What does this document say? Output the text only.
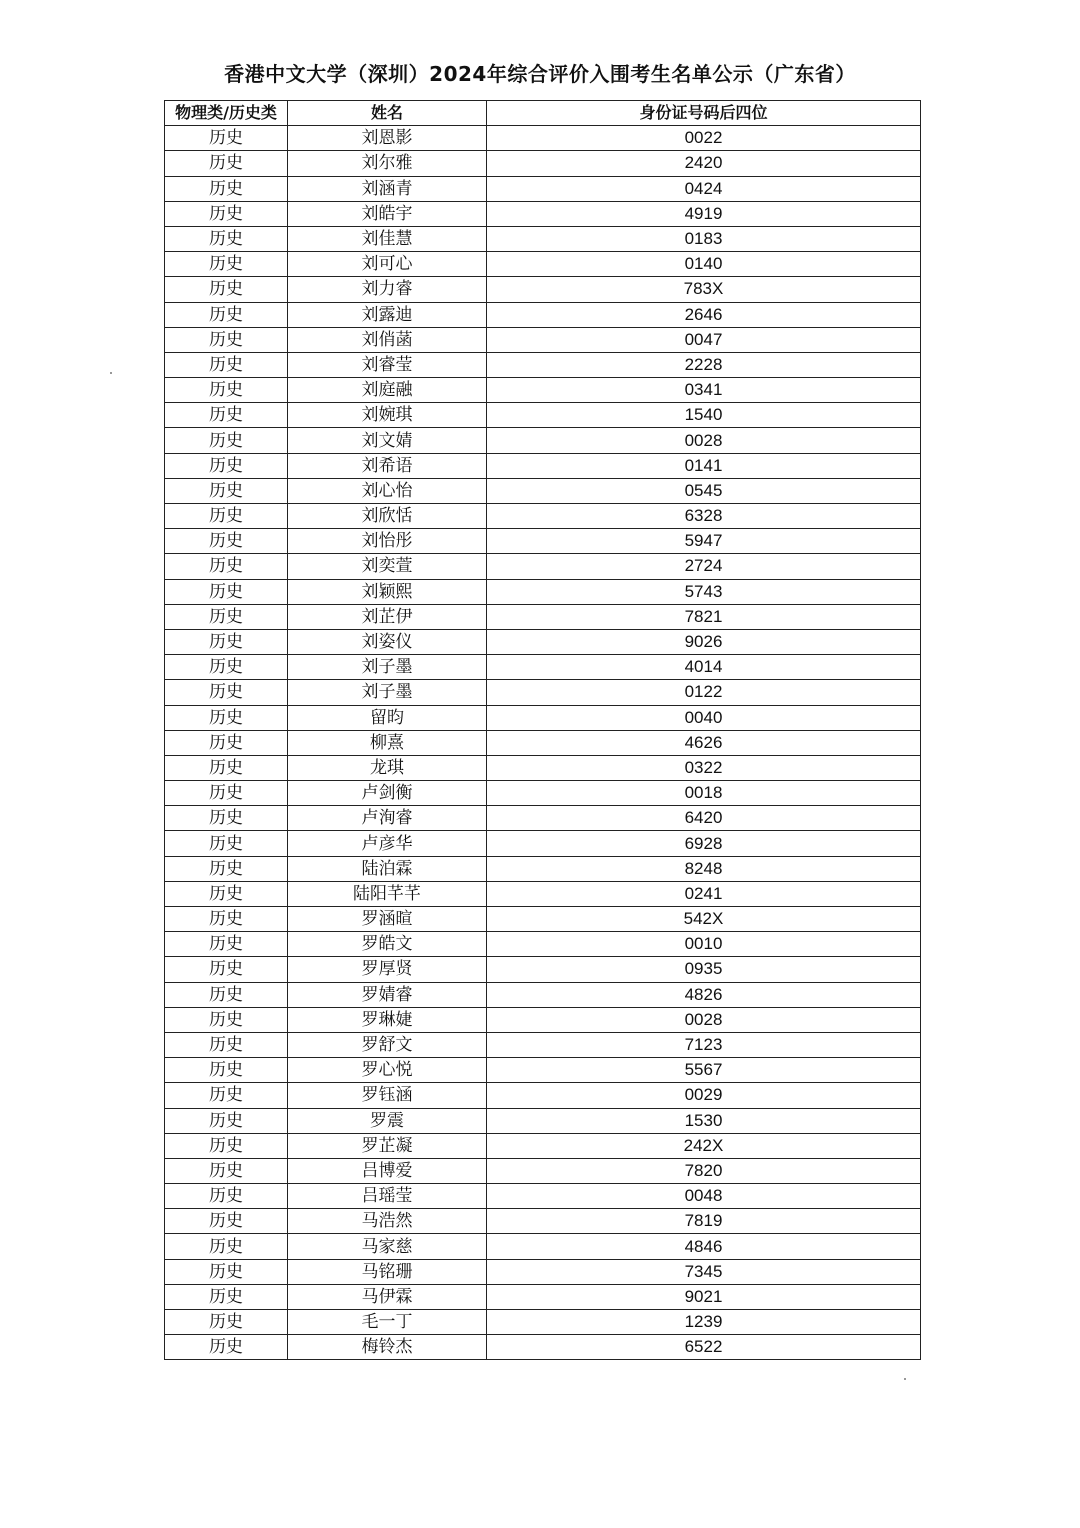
香港中文大学（深圳）2024年综合评价入围考生名单公示（广东省）
物理类/历史类	姓名	身份证号码后四位
历史	刘恩影	0022
历史	刘尔雅	2420
历史	刘涵青	0424
历史	刘皓宇	4919
历史	刘佳慧	0183
历史	刘可心	0140
历史	刘力睿	783X
历史	刘露迪	2646
历史	刘俏菡	0047
历史	刘睿莹	2228
历史	刘庭融	0341
历史	刘婉琪	1540
历史	刘文婧	0028
历史	刘希语	0141
历史	刘心怡	0545
历史	刘欣恬	6328
历史	刘怡彤	5947
历史	刘奕萱	2724
历史	刘颖熙	5743
历史	刘芷伊	7821
历史	刘姿仪	9026
历史	刘子墨	4014
历史	刘子墨	0122
历史	留昀	0040
历史	柳熹	4626
历史	龙琪	0322
历史	卢剑衡	0018
历史	卢洵睿	6420
历史	卢彦华	6928
历史	陆泊霖	8248
历史	陆阳芊芊	0241
历史	罗涵暄	542X
历史	罗皓文	0010
历史	罗厚贤	0935
历史	罗婧睿	4826
历史	罗琳婕	0028
历史	罗舒文	7123
历史	罗心悦	5567
历史	罗钰涵	0029
历史	罗震	1530
历史	罗芷凝	242X
历史	吕博爱	7820
历史	吕瑶莹	0048
历史	马浩然	7819
历史	马家慈	4846
历史	马铭珊	7345
历史	马伊霖	9021
历史	毛一丁	1239
历史	梅铃杰	6522
